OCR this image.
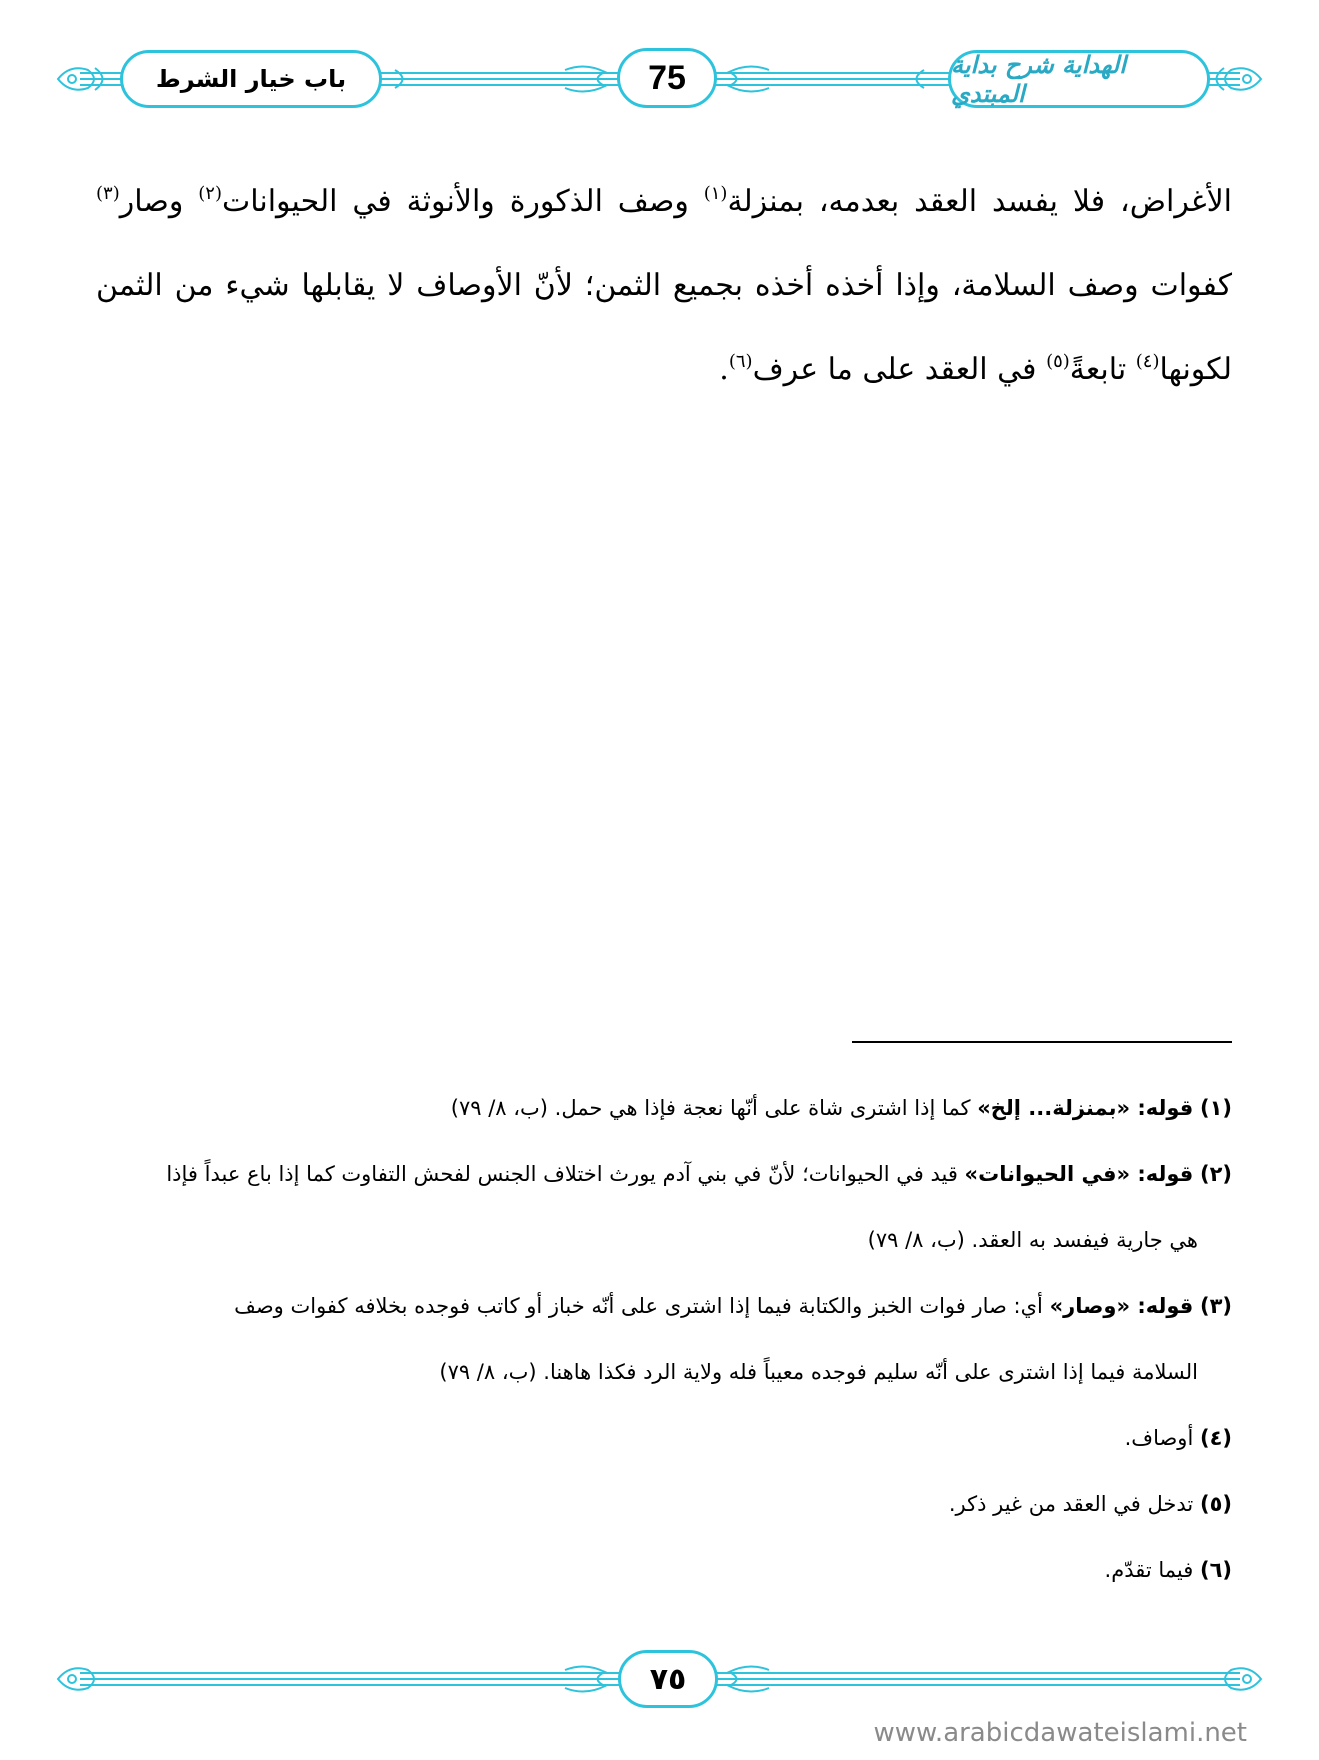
باب خيار الشرط	75	الهداية شرح بداية المبتدي

الأغراض، فلا يفسد العقد بعدمه، بمنزلة$^{(١)}$ وصف الذكورة والأنوثة في الحيوانات$^{(٢)}$ وصار$^{(٣)}$ كفوات وصف السلامة، وإذا أخذه أخذه بجميع الثمن؛ لأنّ الأوصاف لا يقابلها شيء من الثمن لكونها$^{(٤)}$ تابعةً$^{(٥)}$ في العقد على ما عرف$^{(٦)}$.

(١) قوله: «بمنزلة... إلخ» كما إذا اشترى شاة على أنّها نعجة فإذا هي حمل. (ب، ٨/ ٧٩)
(٢) قوله: «في الحيوانات» قيد في الحيوانات؛ لأنّ في بني آدم يورث اختلاف الجنس لفحش التفاوت كما إذا باع عبداً فإذا
هي جارية فيفسد به العقد. (ب، ٨/ ٧٩)
(٣) قوله: «وصار» أي: صار فوات الخبز والكتابة فيما إذا اشترى على أنّه خباز أو كاتب فوجده بخلافه كفوات وصف
السلامة فيما إذا اشترى على أنّه سليم فوجده معيباً فله ولاية الرد فكذا هاهنا. (ب، ٨/ ٧٩)
(٤) أوصاف.
(٥) تدخل في العقد من غير ذكر.
(٦) فيما تقدّم.
٧٥
www.arabicdawateislami.net
